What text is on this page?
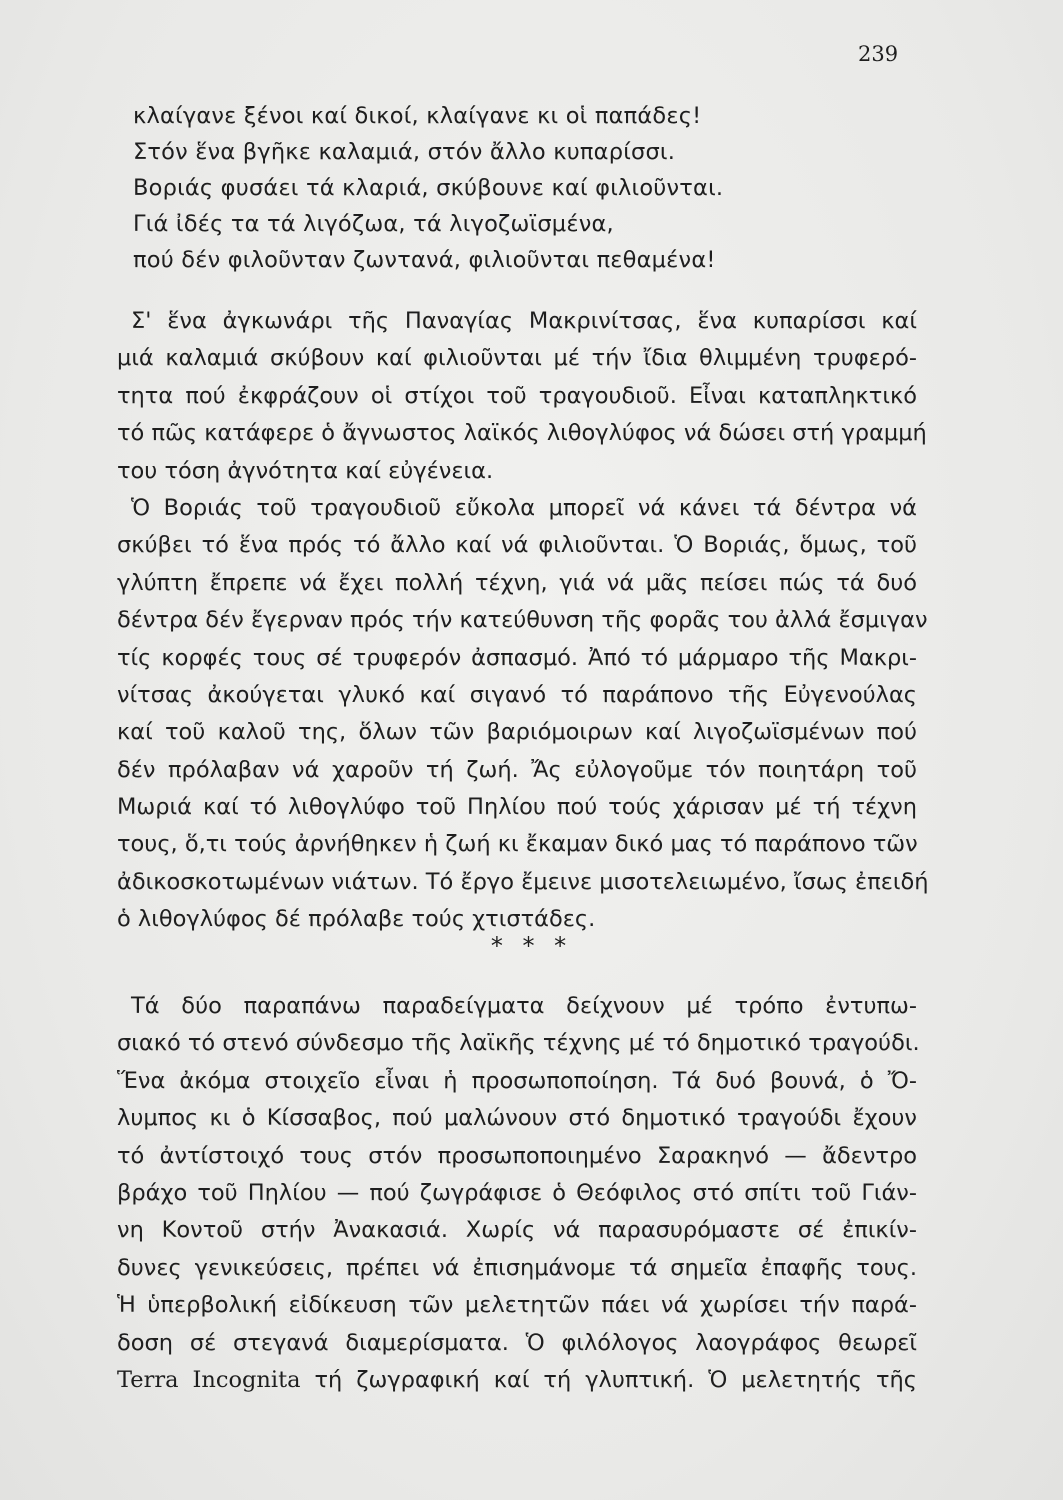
239
κλαίγανε ξένοι καί δικοί, κλαίγανε κι οἱ παπάδες!
Στόν ἕνα βγῆκε καλαμιά, στόν ἄλλο κυπαρίσσι.
Βοριάς φυσάει τά κλαριά, σκύβουνε καί φιλιοῦνται.
Γιά ἰδές τα τά λιγόζωα, τά λιγοζωϊσμένα,
πού δέν φιλοῦνταν ζωντανά, φιλιοῦνται πεθαμένα!
Σ' ἕνα ἀγκωνάρι τῆς Παναγίας Μακρινίτσας, ἕνα κυπαρίσσι καί
μιά καλαμιά σκύβουν καί φιλιοῦνται μέ τήν ἴδια θλιμμένη τρυφερό-
τητα πού ἐκφράζουν οἱ στίχοι τοῦ τραγουδιοῦ. Εἶναι καταπληκτικό
τό πῶς κατάφερε ὁ ἄγνωστος λαϊκός λιθογλύφος νά δώσει στή γραμμή
του τόση ἀγνότητα καί εὐγένεια.
Ὁ Βοριάς τοῦ τραγουδιοῦ εὔκολα μπορεῖ νά κάνει τά δέντρα νά
σκύβει τό ἕνα πρός τό ἄλλο καί νά φιλιοῦνται. Ὁ Βοριάς, ὅμως, τοῦ
γλύπτη ἔπρεπε νά ἔχει πολλή τέχνη, γιά νά μᾶς πείσει πώς τά δυό
δέντρα δέν ἔγερναν πρός τήν κατεύθυνση τῆς φορᾶς του ἀλλά ἔσμιγαν
τίς κορφές τους σέ τρυφερόν ἀσπασμό. Ἀπό τό μάρμαρο τῆς Μακρι-
νίτσας ἀκούγεται γλυκό καί σιγανό τό παράπονο τῆς Εὐγενούλας
καί τοῦ καλοῦ της, ὅλων τῶν βαριόμοιρων καί λιγοζωϊσμένων πού
δέν πρόλαβαν νά χαροῦν τή ζωή. Ἄς εὐλογοῦμε τόν ποιητάρη τοῦ
Μωριά καί τό λιθογλύφο τοῦ Πηλίου πού τούς χάρισαν μέ τή τέχνη
τους, ὅ,τι τούς ἀρνήθηκεν ἡ ζωή κι ἔκαμαν δικό μας τό παράπονο τῶν
ἀδικοσκοτωμένων νιάτων. Τό ἔργο ἔμεινε μισοτελειωμένο, ἴσως ἐπειδή
ὁ λιθογλύφος δέ πρόλαβε τούς χτιστάδες.
* * *
Τά δύο παραπάνω παραδείγματα δείχνουν μέ τρόπο ἐντυπω-
σιακό τό στενό σύνδεσμο τῆς λαϊκῆς τέχνης μέ τό δημοτικό τραγούδι.
Ἕνα ἀκόμα στοιχεῖο εἶναι ἡ προσωποποίηση. Τά δυό βουνά, ὁ Ὄ-
λυμπος κι ὁ Κίσσαβος, πού μαλώνουν στό δημοτικό τραγούδι ἔχουν
τό ἀντίστοιχό τους στόν προσωποποιημένο Σαρακηνό — ἄδεντρο
βράχο τοῦ Πηλίου — πού ζωγράφισε ὁ Θεόφιλος στό σπίτι τοῦ Γιάν-
νη Κοντοῦ στήν Ἀνακασιά. Χωρίς νά παρασυρόμαστε σέ ἐπικίν-
δυνες γενικεύσεις, πρέπει νά ἐπισημάνομε τά σημεῖα ἐπαφῆς τους.
Ἡ ὑπερβολική εἰδίκευση τῶν μελετητῶν πάει νά χωρίσει τήν παρά-
δοση σέ στεγανά διαμερίσματα. Ὁ φιλόλογος λαογράφος θεωρεῖ
Terra Incognita τή ζωγραφική καί τή γλυπτική. Ὁ μελετητής τῆς
